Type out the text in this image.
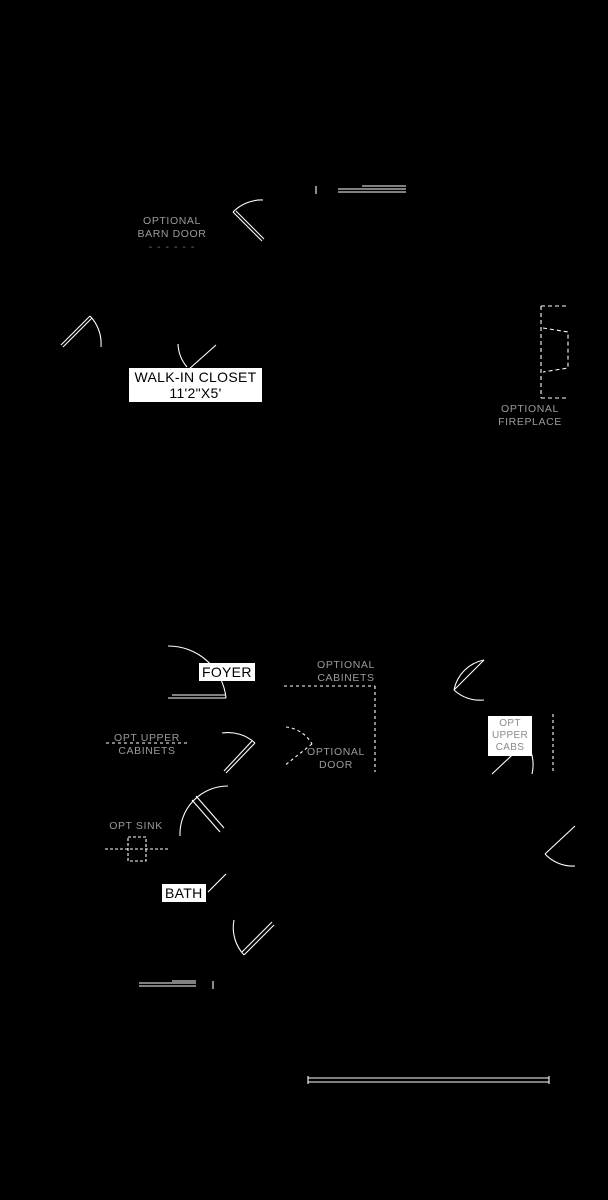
OPTIONAL
BARN DOOR
- - - - - -
OPTIONAL
FIREPLACE
OPTIONAL
CABINETS
OPT UPPER
CABINETS	OPTIONAL
DOOR
OPT SINK
WALK-IN CLOSET
11'2"X5'
FOYER
BATH
OPT
UPPER
CABS
